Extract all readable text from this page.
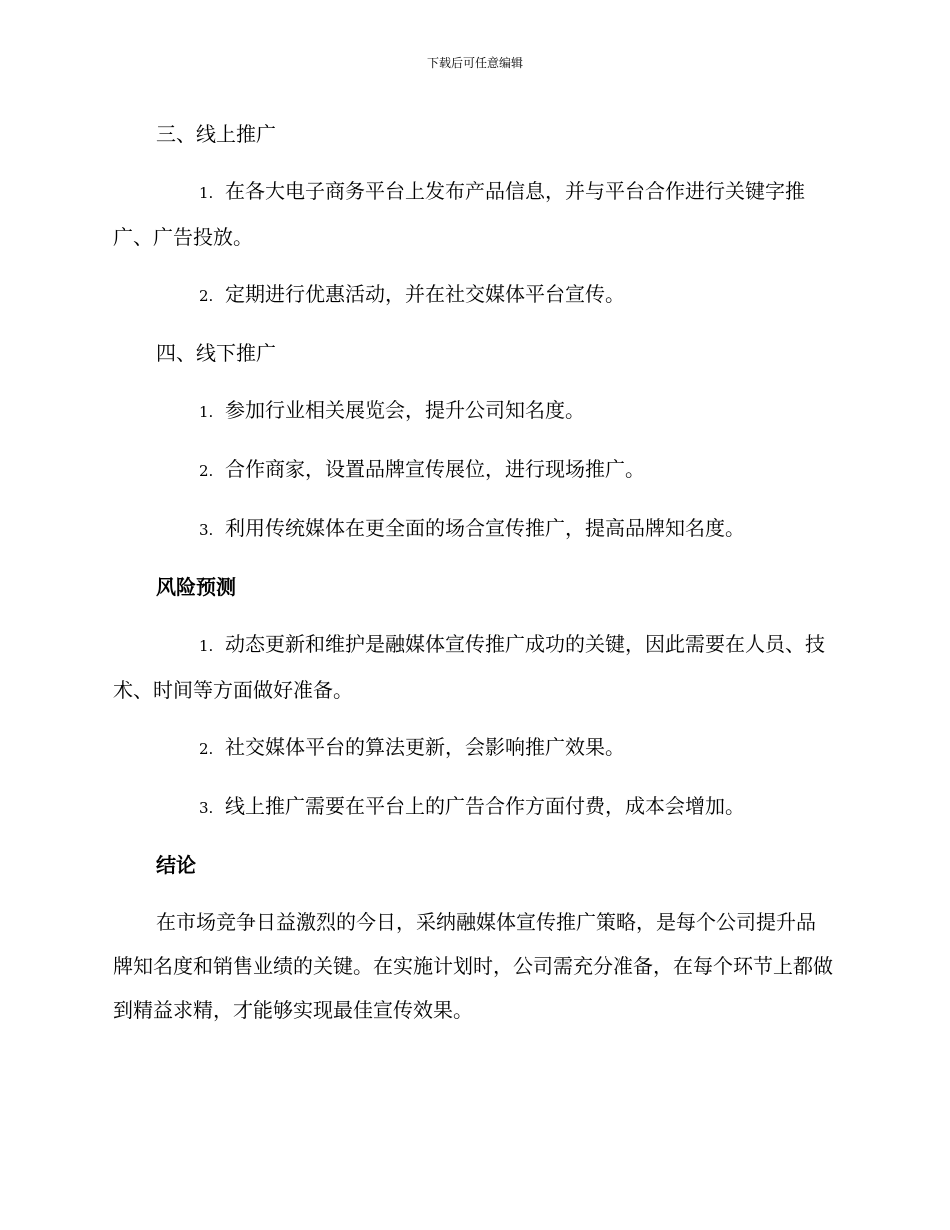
下载后可任意编辑
三、线上推广
1. 在各大电子商务平台上发布产品信息，并与平台合作进行关键字推广、广告投放。
2. 定期进行优惠活动，并在社交媒体平台宣传。
四、线下推广
1. 参加行业相关展览会，提升公司知名度。
2. 合作商家，设置品牌宣传展位，进行现场推广。
3. 利用传统媒体在更全面的场合宣传推广，提高品牌知名度。
风险预测
1. 动态更新和维护是融媒体宣传推广成功的关键，因此需要在人员、技术、时间等方面做好准备。
2. 社交媒体平台的算法更新，会影响推广效果。
3. 线上推广需要在平台上的广告合作方面付费，成本会增加。
结论
在市场竞争日益激烈的今日，采纳融媒体宣传推广策略，是每个公司提升品牌知名度和销售业绩的关键。在实施计划时，公司需充分准备，在每个环节上都做到精益求精，才能够实现最佳宣传效果。
